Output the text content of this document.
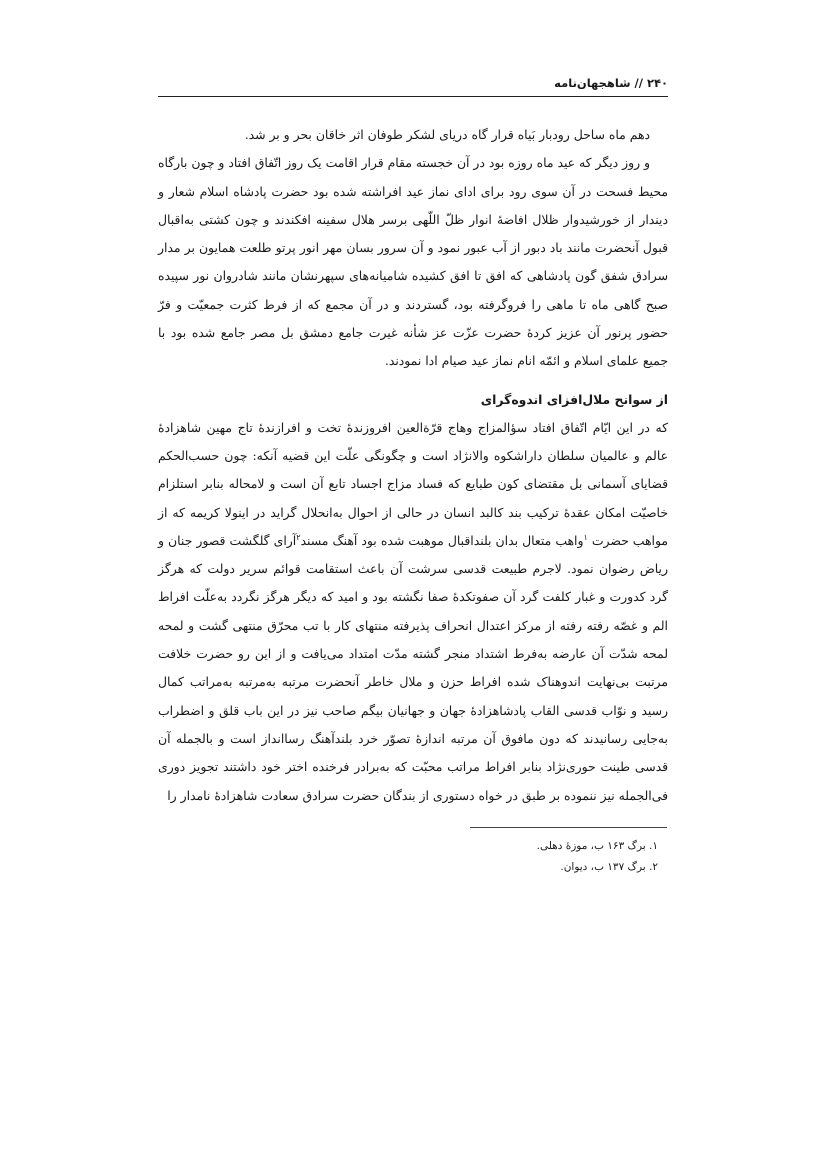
۲۴۰ // شاهجهان‌نامه

دهم ماه ساحل رودبار بَیاه قرار گاه دریای لشکر طوفان اثر خاقان بحر و بر شد.

و روز دیگر که عید ماه روزه بود در آن خجسته مقام قرار اقامت یک روز اتّفاق افتاد و چون بارگاه محیط فسحت در آن سوی رود برای ادای نماز عید افراشته شده بود حضرت پادشاه اسلام شعار و دیندار از خورشیدوار ظلال افاضهٔ انوار ظلّ اللّهی برسر هلال سفینه افکندند و چون کشتی به‌اقبال قبول آنحضرت مانند باد دبور از آب عبور نمود و آن سرور بسان مهر انور پرتو طلعت همایون بر مدار سرادق شفق گون پادشاهی که افق تا افق کشیده شامیانه‌های سپهرنشان مانند شادروان نور سپیده صبح گاهی ماه تا ماهی را فروگرفته بود، گستردند و در آن مجمع که از فرط کثرت جمعیّت و فرّ حضور پرنور آن عزیز کردهٔ حضرت عزّت عز شأنه غیرت جامع دمشق بل مصر جامع شده بود با جمیع علمای اسلام و ائمّه انام نماز عید صیام ادا نمودند.

از سوانح ملال‌افزای اندوه‌گرای

که در این ایّام اتّفاق افتاد سؤالمزاج وهاج قرّةالعین افروزندهٔ تخت و افرازندهٔ تاج مهین شاهزادهٔ عالم و عالمیان سلطان داراشکوه والانژاد است و چگونگی علّت این قضیه آنکه: چون حسب‌الحکم قضایای آسمانی بل مقتضای کون طبایع که فساد مزاج اجساد تابع آن است و لامحاله بنابر استلزام خاصیّت امکان عقدهٔ ترکیب بند کالبد انسان در حالی از احوال به‌انحلال گراید در اینولا کریمه که از مواهب حضرت $^۱$واهب متعال بدان بلنداقبال موهبت شده بود آهنگ مسند$^۲$آرای گلگشت قصور جنان و ریاض رضوان نمود. لاجرم طبیعت قدسی سرشت آن باعث استقامت قوائم سریر دولت که هرگز گرد کدورت و غبار کلفت گرد آن صفوتکدهٔ صفا نگشته بود و امید که دیگر هرگز نگردد به‌علّت افراط الم و غصّه رفته رفته از مرکز اعتدال انحراف پذیرفته منتهای کار با تب محرّق منتهی گشت و لمحه لمحه شدّت آن عارضه به‌فرط اشتداد منجر گشته مدّت امتداد می‌یافت و از این رو حضرت خلافت مرتبت بی‌نهایت اندوهناک شده افراط حزن و ملال خاطر آنحضرت مرتبه به‌مرتبه به‌مراتب کمال رسید و نوّاب قدسی القاب پادشاهزادهٔ جهان و جهانیان بیگم صاحب نیز در این باب قلق و اضطراب به‌جایی رسانیدند که دون مافوق آن مرتبه اندازهٔ تصوّر خرد بلندآهنگ رساانداز است و بالجمله آن قدسی طینت حوری‌نژاد بنابر افراط مراتب محبّت که به‌برادر فرخنده اختر خود داشتند تجویز دوری فی‌الجمله نیز ننموده بر طبق در خواه دستوری از بندگان حضرت سرادق سعادت شاهزادهٔ نامدار را

۱. برگ ۱۶۳ ب، موزهٔ دهلی.

۲. برگ ۱۳۷ ب، دیوان.
